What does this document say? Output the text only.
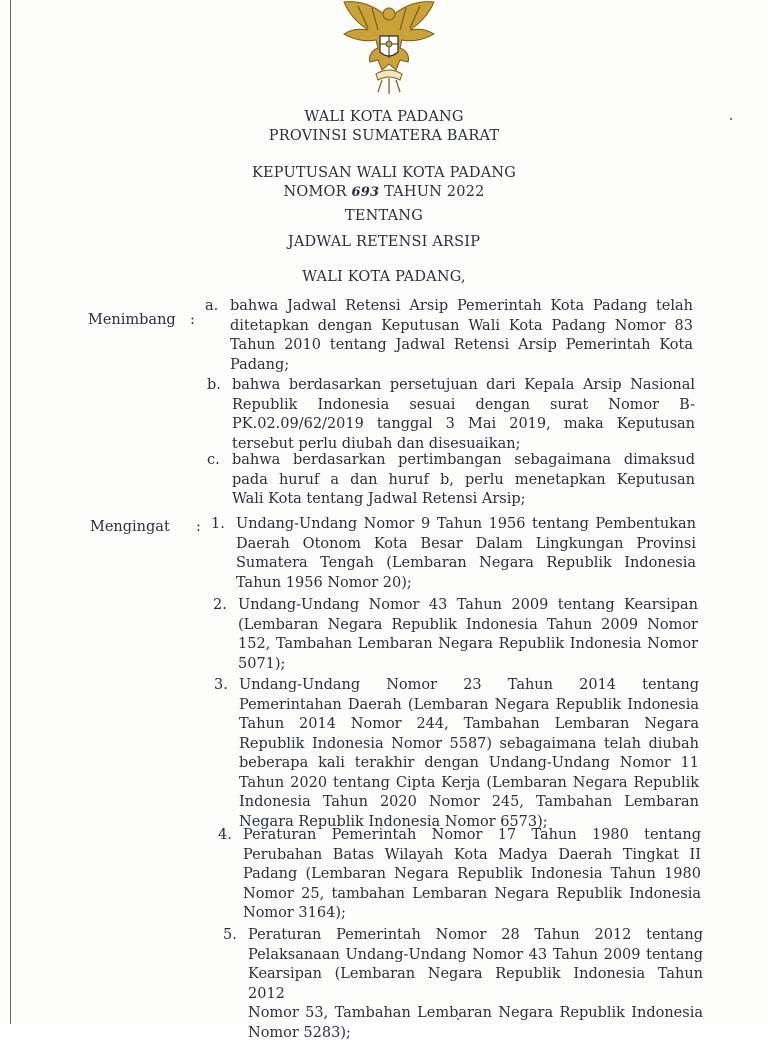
WALI KOTA PADANG
PROVINSI SUMATERA BARAT
KEPUTUSAN WALI KOTA PADANG
NOMOR 693 TAHUN 2022
TENTANG
JADWAL RETENSI ARSIP
WALI KOTA PADANG,
Menimbang :
a. bahwa Jadwal Retensi Arsip Pemerintah Kota Padang telah
ditetapkan dengan Keputusan Wali Kota Padang Nomor 83
Tahun 2010 tentang Jadwal Retensi Arsip Pemerintah Kota
Padang;
b. bahwa berdasarkan persetujuan dari Kepala Arsip Nasional
Republik Indonesia sesuai dengan surat Nomor B-
PK.02.09/62/2019 tanggal 3 Mai 2019, maka Keputusan
tersebut perlu diubah dan disesuaikan;
c. bahwa berdasarkan pertimbangan sebagaimana dimaksud
pada huruf a dan huruf b, perlu menetapkan Keputusan
Wali Kota tentang Jadwal Retensi Arsip;
Mengingat : 1. Undang-Undang Nomor 9 Tahun 1956 tentang Pembentukan
Daerah Otonom Kota Besar Dalam Lingkungan Provinsi
Sumatera Tengah (Lembaran Negara Republik Indonesia
Tahun 1956 Nomor 20);
2. Undang-Undang Nomor 43 Tahun 2009 tentang Kearsipan
(Lembaran Negara Republik Indonesia Tahun 2009 Nomor
152, Tambahan Lembaran Negara Republik Indonesia Nomor
5071);
3. Undang-Undang Nomor 23 Tahun 2014 tentang
Pemerintahan Daerah (Lembaran Negara Republik Indonesia
Tahun 2014 Nomor 244, Tambahan Lembaran Negara
Republik Indonesia Nomor 5587) sebagaimana telah diubah
beberapa kali terakhir dengan Undang-Undang Nomor 11
Tahun 2020 tentang Cipta Kerja (Lembaran Negara Republik
Indonesia Tahun 2020 Nomor 245, Tambahan Lembaran
Negara Republik Indonesia Nomor 6573);
4. Peraturan Pemerintah Nomor 17 Tahun 1980 tentang
Perubahan Batas Wilayah Kota Madya Daerah Tingkat II
Padang (Lembaran Negara Republik Indonesia Tahun 1980
Nomor 25, tambahan Lembaran Negara Republik Indonesia
Nomor 3164);
5. Peraturan Pemerintah Nomor 28 Tahun 2012 tentang
Pelaksanaan Undang-Undang Nomor 43 Tahun 2009 tentang
Kearsipan (Lembaran Negara Republik Indonesia Tahun 2012
Nomor 53, Tambahan Lembaran Negara Republik Indonesia
Nomor 5283);
